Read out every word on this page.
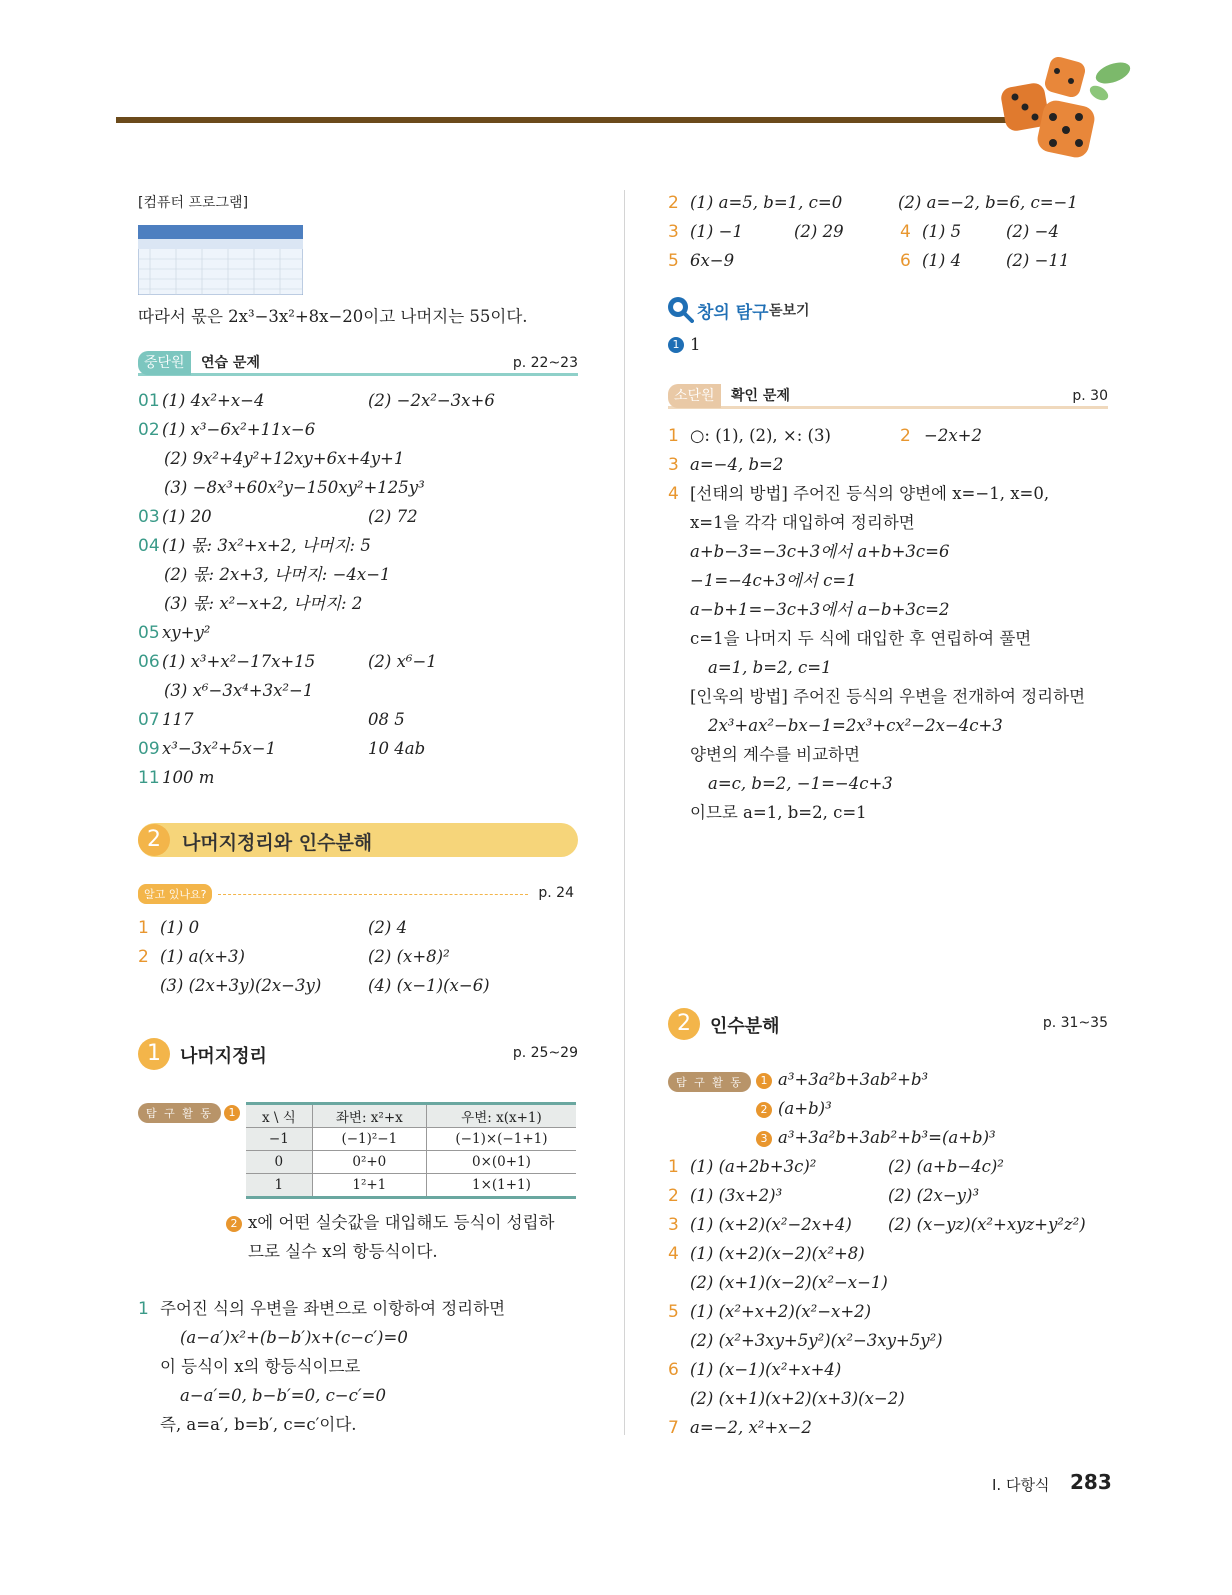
[컴퓨터 프로그램]
따라서 몫은 2x³−3x²+8x−20이고 나머지는 55이다.
중단원	연습 문제	p. 22~23
01 (1) 4x²+x−4	(2) −2x²−3x+6
02 (1) x³−6x²+11x−6
(2) 9x²+4y²+12xy+6x+4y+1
(3) −8x³+60x²y−150xy²+125y³
03 (1) 20	(2) 72
04 (1) 몫: 3x²+x+2, 나머지: 5
(2) 몫: 2x+3, 나머지: −4x−1
(3) 몫: x²−x+2, 나머지: 2
05 xy+y²
06 (1) x³+x²−17x+15	(2) x⁶−1
(3) x⁶−3x⁴+3x²−1
07 117	08 5
09 x³−3x²+5x−1	10 4ab
11 100 m
2	나머지정리와 인수분해
알고 있나요?	p. 24
1 (1) 0	(2) 4
2 (1) a(x+3)	(2) (x+8)²
(3) (2x+3y)(2x−3y)	(4) (x−1)(x−6)
1 나머지정리	p. 25~29
탐 구 활 동	1	x \ 식	좌변: x²+x	우변: x(x+1)
−1	(−1)²−1	(−1)×(−1+1)
0	0²+0	0×(0+1)
1	1²+1	1×(1+1)
2 x에 어떤 실숫값을 대입해도 등식이 성립하
므로 실수 x의 항등식이다.
1 주어진 식의 우변을 좌변으로 이항하여 정리하면
(a−a′)x²+(b−b′)x+(c−c′)=0
이 등식이 x의 항등식이므로
a−a′=0, b−b′=0, c−c′=0
즉, a=a′, b=b′, c=c′이다.
2 (1) a=5, b=1, c=0	(2) a=−2, b=6, c=−1
3 (1) −1	(2) 29	4 (1) 5	(2) −4
5 6x−9	6 (1) 4	(2) −11
창의 탐구 돋보기
1 1
소단원	확인 문제	p. 30
1 ○: (1), (2), ×: (3)	2 −2x+2
3 a=−4, b=2
4 [선태의 방법] 주어진 등식의 양변에 x=−1, x=0,
x=1을 각각 대입하여 정리하면
a+b−3=−3c+3에서 a+b+3c=6
−1=−4c+3에서 c=1
a−b+1=−3c+3에서 a−b+3c=2
c=1을 나머지 두 식에 대입한 후 연립하여 풀면
a=1, b=2, c=1
[인욱의 방법] 주어진 등식의 우변을 전개하여 정리하면
2x³+ax²−bx−1=2x³+cx²−2x−4c+3
양변의 계수를 비교하면
a=c, b=2, −1=−4c+3
이므로 a=1, b=2, c=1
2 인수분해	p. 31~35
탐 구 활 동	1 a³+3a²b+3ab²+b³
2 (a+b)³
3 a³+3a²b+3ab²+b³=(a+b)³
1 (1) (a+2b+3c)²	(2) (a+b−4c)²
2 (1) (3x+2)³	(2) (2x−y)³
3 (1) (x+2)(x²−2x+4) (2) (x−yz)(x²+xyz+y²z²)
4 (1) (x+2)(x−2)(x²+8)
(2) (x+1)(x−2)(x²−x−1)
5 (1) (x²+x+2)(x²−x+2)
(2) (x²+3xy+5y²)(x²−3xy+5y²)
6 (1) (x−1)(x²+x+4)
(2) (x+1)(x+2)(x+3)(x−2)
7 a=−2, x²+x−2
I. 다항식 283
